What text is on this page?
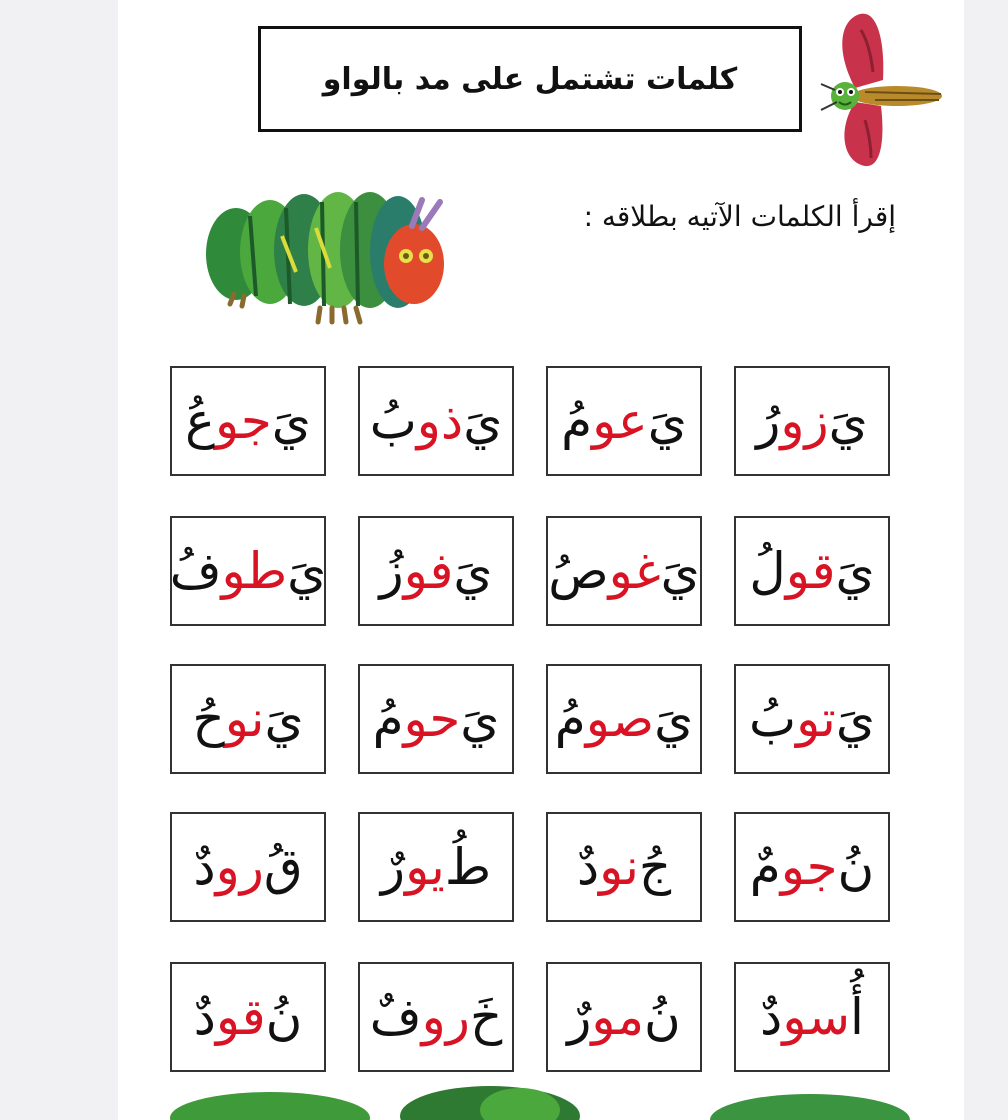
كلمات تشتمل على مد بالواو
إقرأ الكلمات الآتيه بطلاقه :
يَ
زو
رُ
يَ
عو
مُ
يَ
ذو
بُ
يَ
جو
عُ
يَ
قو
لُ
يَ
غو
صُ
يَ
فو
زُ
يَ
طو
فُ
يَ
تو
بُ
يَ
صو
مُ
يَ
حو
مُ
يَ
نو
حُ
نُ
جو
مٌ
جُ
نو
دٌ
طُ
يو
رٌ
قُ
رو
دٌ
أُ
سو
دٌ
نُ
مو
رٌ
خَ
رو
فٌ
نُ
قو
دٌ
